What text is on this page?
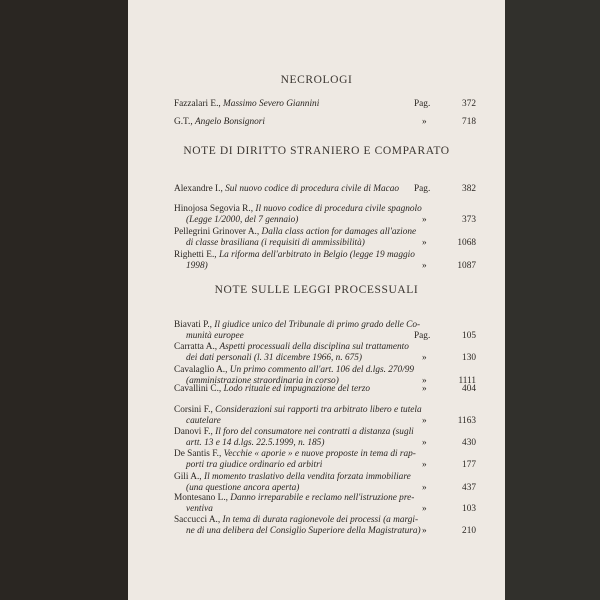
NECROLOGI
Fazzalari E., Massimo Severo Giannini	Pag.	372
G.T., Angelo Bonsignori	»	718
NOTE DI DIRITTO STRANIERO E COMPARATO
Alexandre I., Sul nuovo codice di procedura civile di Macao Pag.	382
Hinojosa Segovia R., Il nuovo codice di procedura civile spagnolo
(Legge 1/2000, del 7 gennaio)	»	373
Pellegrini Grinover A., Dalla class action for damages all'azione
di classe brasiliana (i requisiti di ammissibilità)	»	1068
Righetti E., La riforma dell'arbitrato in Belgio (legge 19 maggio
1998)	»	1087
NOTE SULLE LEGGI PROCESSUALI
Biavati P., Il giudice unico del Tribunale di primo grado delle Co-
munità europee	Pag.	105
Carratta A., Aspetti processuali della disciplina sul trattamento
dei dati personali (l. 31 dicembre 1966, n. 675)	»	130
Cavalaglio A., Un primo commento all'art. 106 del d.lgs. 270/99
(amministrazione straordinaria in corso)	»	1111
Cavallini C., Lodo rituale ed impugnazione del terzo	»	404
Corsini F., Considerazioni sui rapporti tra arbitrato libero e tutela
cautelare	»	1163
Danovi F., Il foro del consumatore nei contratti a distanza (sugli
artt. 13 e 14 d.lgs. 22.5.1999, n. 185)	»	430
De Santis F., Vecchie « aporie » e nuove proposte in tema di rap-
porti tra giudice ordinario ed arbitri	»	177
Gili A., Il momento traslativo della vendita forzata immobiliare
(una questione ancora aperta)	»	437
Montesano L., Danno irreparabile e reclamo nell'istruzione pre-
ventiva	»	103
Saccucci A., In tema di durata ragionevole dei processi (a margi-
ne di una delibera del Consiglio Superiore della Magistratura) »	210
